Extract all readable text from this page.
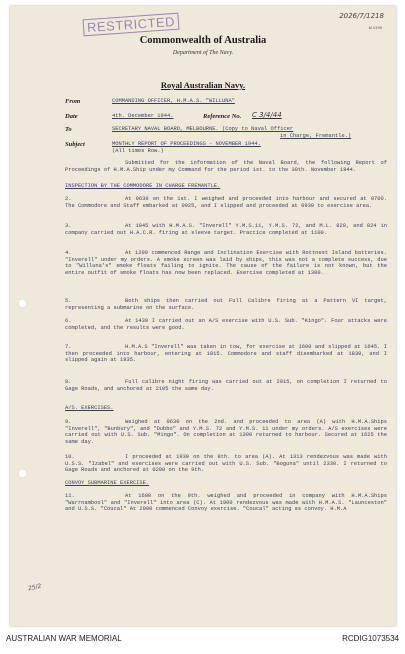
RESTRICTED	2026/7/1218
M.0199
Commonwealth of Australia
Department of The Navy.
Royal Australian Navy.
From	COMMANDING OFFICER, H.M.A.S. "WILLUNA"
Date	4th. December 1944.	Reference No. C 3/4/44
To	SECRETARY NAVAL BOARD, MELBOURNE. (Copy to Naval Officer
in Charge, Fremantle.)
Subject	MONTHLY REPORT OF PROCEEDINGS - NOVEMBER 1944.
(All times Row.)
Submitted for the information of the Naval Board, the following Report of Proceedings of H.M.A.Ship under my Command for the period 1st. to the 30th. November 1944.
INSPECTION BY THE COMMODORE IN CHARGE FREMANTLE.
2.	At 0630 on the 1st. I weighed and proceeded into harbour and secured at 0700. The Commodore and Staff embarked at 0925, and I slipped and proceeded at 0930 to exercise area.
3.	At 1045 with H.M.A.S. "Inverell" Y.M.S.11, Y.M.S. 72, and M.L. 820, and 824 in company carried out H.A.C.R. firing at sleeve target. Practice completed at 1100.
4.	At 1200 commenced Range and Inclination Exercise with Rottnest Island batteries. "Inverell" under my orders. A smoke screen was laid by ships, this was not a complete success, due to "Willuna's" smoke floats failing to ignite. The cause of the failure is not known, but the entire outfit of smoke floats has now been replaced. Exercise completed at 1300.
5.	Both ships then carried out Full Calibre firing at a Pattern VI target, representing a submarine on the surface.
6.	At 1430 I carried out an A/S exercise with U.S. Sub. "Kingo". Four attacks were completed, and the results were good.
7.	H.M.A.S "Inverell" was taken in tow, for exercise at 1600 and slipped at 1645. I then proceeded into harbour, entering at 1815. Commodore and staff disembarked at 1830, and I slipped again at 1835.
8.	Full calibre night firing was carried out at 2015, on completion I returned to Gage Roads, and anchored at 2105 the same day.
A/S. EXERCISES.
9.	Weighed at 0630 on the 2nd. and proceeded to area (A) with H.M.A.Ships "Inverell", "Bunbury", and "Dubbo" and Y.M.S. 72 and Y.M.S. 11 under my orders. A/S exercises were carried out with U.S. Sub. "Mingo". On completion at 1300 returned to harbour. Secured at 1625 the same day.
10.	I proceeded at 1930 on the 8th. to area (A). At 1313 rendezvous was made with U.S.S. "Izabel" and exercises were carried out with U.S. Sub. "Boguna" until 2330. I returned to Gage Roads and anchored at 0200 on the 9th.
CONVOY SUBMARINE EXERCISE.
11.	At 1600 on the 9th. weighed and proceeded in company with H.M.A.Ships "Warrnambool" and "Inverell" into area (C). At 1900 rendezvous was made with H.M.A.S. "Launceston" and U.S.S. "Coucal" At 2000 commenced Convoy exercise. "Coucal" acting as convoy. H.M.A
25/2
AUSTRALIAN WAR MEMORIAL	RCDIG1073534
